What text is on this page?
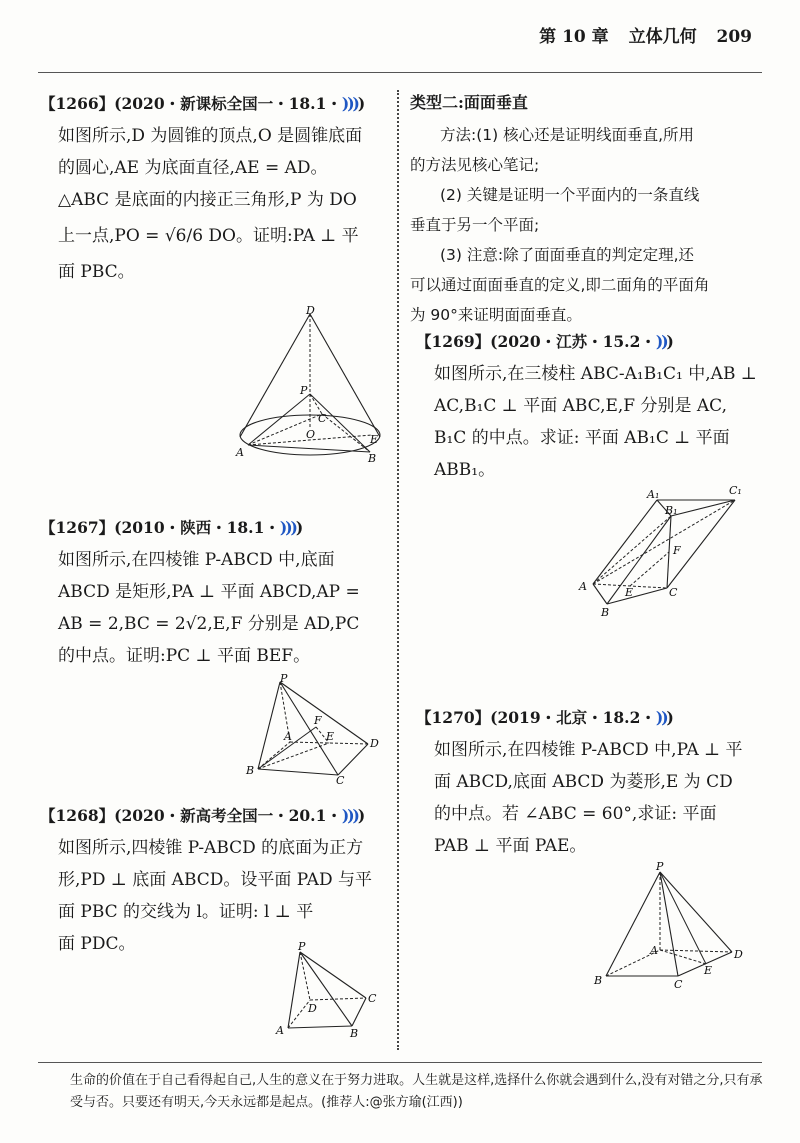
第 10 章 立体几何 209
【1266】(2020・新课标全国一・18.1・))))

如图所示,D 为圆锥的顶点,O 是圆锥底面

的圆心,AE 为底面直径,AE = AD。

△ABC 是底面的内接正三角形,P 为 DO

上一点,PO = √6/6 DO。证明:PA ⊥ 平

面 PBC。

D
P
C
O
A	B
E
【1267】(2010・陕西・18.1・))))

如图所示,在四棱锥 P-ABCD 中,底面

ABCD 是矩形,PA ⊥ 平面 ABCD,AP =

AB = 2,BC = 2√2,E,F 分别是 AD,PC

的中点。证明:PC ⊥ 平面 BEF。

P
F
A	E
D
B
C
【1268】(2020・新高考全国一・20.1・))))

如图所示,四棱锥 P-ABCD 的底面为正方

形,PD ⊥ 底面 ABCD。设平面 PAD 与平

面 PBC 的交线为 l。证明: l ⊥ 平

面 PDC。	P
C
D
A	B
类型二:面面垂直

方法:(1) 核心还是证明线面垂直,所用

的方法见核心笔记;

(2) 关键是证明一个平面内的一条直线

垂直于另一个平面;

(3) 注意:除了面面垂直的判定定理,还

可以通过面面垂直的定义,即二面角的平面角

为 90°来证明面面垂直。

【1269】(2020・江苏・15.2・)))

如图所示,在三棱柱 ABC-A₁B₁C₁ 中,AB ⊥

AC,B₁C ⊥ 平面 ABC,E,F 分别是 AC,

B₁C 的中点。求证: 平面 AB₁C ⊥ 平面

ABB₁。

A₁	C₁
B₁
F
A	E	C
B
【1270】(2019・北京・18.2・)))

如图所示,在四棱锥 P-ABCD 中,PA ⊥ 平

面 ABCD,底面 ABCD 为菱形,E 为 CD

的中点。若 ∠ABC = 60°,求证: 平面

PAB ⊥ 平面 PAE。

P
A	D
E
B	C
生命的价值在于自己看得起自己,人生的意义在于努力进取。人生就是这样,选择什么你就会遇到什么,没有对错之分,只有承受与否。只要还有明天,今天永远都是起点。(推荐人:@张方瑜(江西))
